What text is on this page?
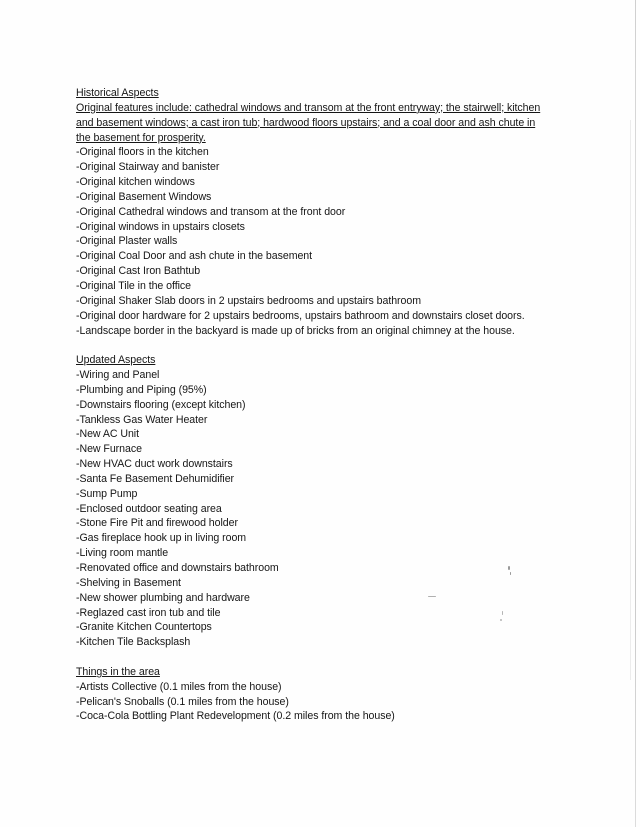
Historical Aspects
Original features include: cathedral windows and transom at the front entryway; the stairwell; kitchen and basement windows; a cast iron tub; hardwood floors upstairs; and a coal door and ash chute in the basement for prosperity.
-Original floors in the kitchen
-Original Stairway and banister
-Original kitchen windows
-Original Basement Windows
-Original Cathedral windows and transom at the front door
-Original windows in upstairs closets
-Original Plaster walls
-Original Coal Door and ash chute in the basement
-Original Cast Iron Bathtub
-Original Tile in the office
-Original Shaker Slab doors in 2 upstairs bedrooms and upstairs bathroom
-Original door hardware for 2 upstairs bedrooms, upstairs bathroom and downstairs closet doors.
-Landscape border in the backyard is made up of bricks from an original chimney at the house.
Updated Aspects
-Wiring and Panel
-Plumbing and Piping (95%)
-Downstairs flooring (except kitchen)
-Tankless Gas Water Heater
-New AC Unit
-New Furnace
-New HVAC duct work downstairs
-Santa Fe Basement Dehumidifier
-Sump Pump
-Enclosed outdoor seating area
-Stone Fire Pit and firewood holder
-Gas fireplace hook up in living room
-Living room mantle
-Renovated office and downstairs bathroom
-Shelving in Basement
-New shower plumbing and hardware
-Reglazed cast iron tub and tile
-Granite Kitchen Countertops
-Kitchen Tile Backsplash
Things in the area
-Artists Collective (0.1 miles from the house)
-Pelican's Snoballs (0.1 miles from the house)
-Coca-Cola Bottling Plant Redevelopment (0.2 miles from the house)
